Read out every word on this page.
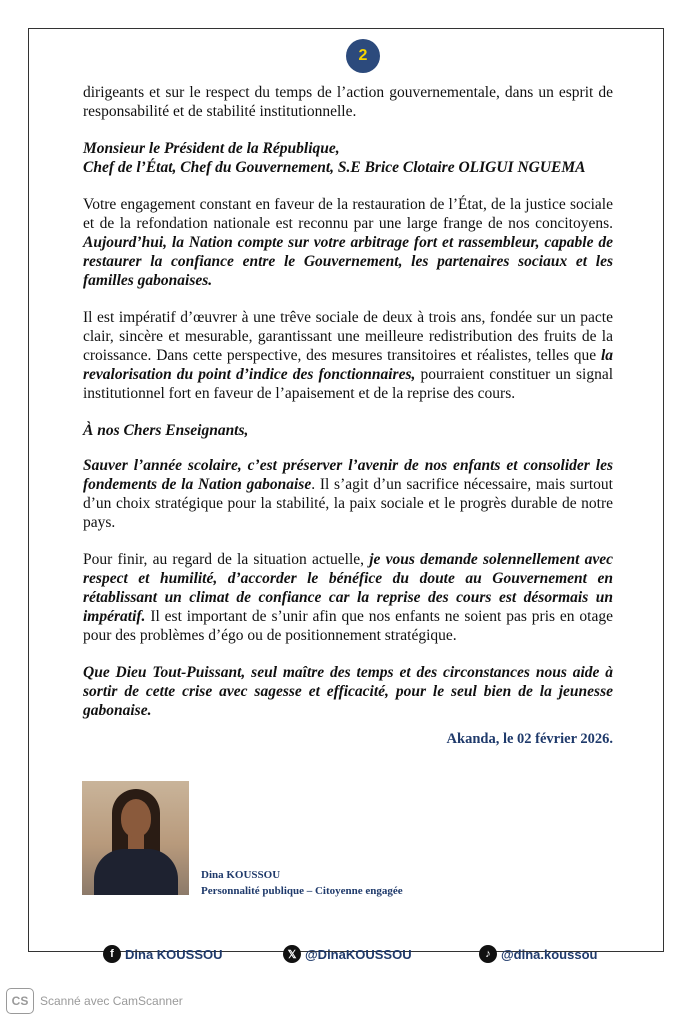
2

dirigeants et sur le respect du temps de l’action gouvernementale, dans un esprit de responsabilité et de stabilité institutionnelle.

Monsieur le Président de la République,
Chef de l’État, Chef du Gouvernement, S.E Brice Clotaire OLIGUI NGUEMA

Votre engagement constant en faveur de la restauration de l’État, de la justice sociale et de la refondation nationale est reconnu par une large frange de nos concitoyens. Aujourd’hui, la Nation compte sur votre arbitrage fort et rassembleur, capable de restaurer la confiance entre le Gouvernement, les partenaires sociaux et les familles gabonaises.

Il est impératif d’œuvrer à une trêve sociale de deux à trois ans, fondée sur un pacte clair, sincère et mesurable, garantissant une meilleure redistribution des fruits de la croissance. Dans cette perspective, des mesures transitoires et réalistes, telles que la revalorisation du point d’indice des fonctionnaires, pourraient constituer un signal institutionnel fort en faveur de l’apaisement et de la reprise des cours.

À nos Chers Enseignants,

Sauver l’année scolaire, c’est préserver l’avenir de nos enfants et consolider les fondements de la Nation gabonaise. Il s’agit d’un sacrifice nécessaire, mais surtout d’un choix stratégique pour la stabilité, la paix sociale et le progrès durable de notre pays.

Pour finir, au regard de la situation actuelle, je vous demande solennellement avec respect et humilité, d’accorder le bénéfice du doute au Gouvernement en rétablissant un climat de confiance car la reprise des cours est désormais un impératif. Il est important de s’unir afin que nos enfants ne soient pas pris en otage pour des problèmes d’égo ou de positionnement stratégique.

Que Dieu Tout-Puissant, seul maître des temps et des circonstances nous aide à sortir de cette crise avec sagesse et efficacité, pour le seul bien de la jeunesse gabonaise.

Akanda, le 02 février 2026.
f Dina KOUSSOU	𝕏 @DinaKOUSSOU	♪ @dina.koussou
Dina KOUSSOU
Personnalité publique – Citoyenne engagée
CS Scanné avec CamScanner
